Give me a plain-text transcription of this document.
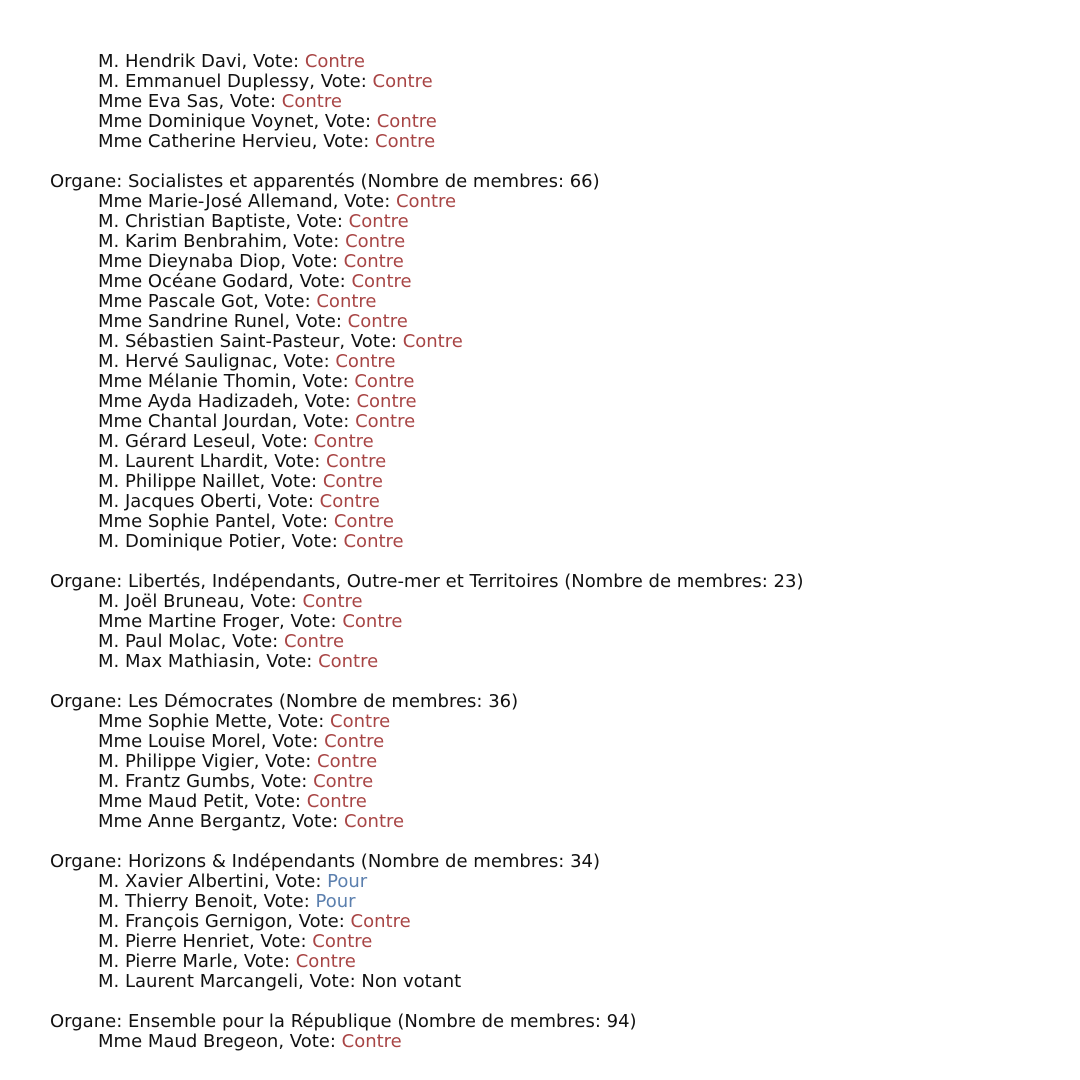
M. Hendrik Davi, Vote: Contre
M. Emmanuel Duplessy, Vote: Contre
Mme Eva Sas, Vote: Contre
Mme Dominique Voynet, Vote: Contre
Mme Catherine Hervieu, Vote: Contre
Organe: Socialistes et apparentés (Nombre de membres: 66)
Mme Marie-José Allemand, Vote: Contre
M. Christian Baptiste, Vote: Contre
M. Karim Benbrahim, Vote: Contre
Mme Dieynaba Diop, Vote: Contre
Mme Océane Godard, Vote: Contre
Mme Pascale Got, Vote: Contre
Mme Sandrine Runel, Vote: Contre
M. Sébastien Saint-Pasteur, Vote: Contre
M. Hervé Saulignac, Vote: Contre
Mme Mélanie Thomin, Vote: Contre
Mme Ayda Hadizadeh, Vote: Contre
Mme Chantal Jourdan, Vote: Contre
M. Gérard Leseul, Vote: Contre
M. Laurent Lhardit, Vote: Contre
M. Philippe Naillet, Vote: Contre
M. Jacques Oberti, Vote: Contre
Mme Sophie Pantel, Vote: Contre
M. Dominique Potier, Vote: Contre
Organe: Libertés, Indépendants, Outre-mer et Territoires (Nombre de membres: 23)
M. Joël Bruneau, Vote: Contre
Mme Martine Froger, Vote: Contre
M. Paul Molac, Vote: Contre
M. Max Mathiasin, Vote: Contre
Organe: Les Démocrates (Nombre de membres: 36)
Mme Sophie Mette, Vote: Contre
Mme Louise Morel, Vote: Contre
M. Philippe Vigier, Vote: Contre
M. Frantz Gumbs, Vote: Contre
Mme Maud Petit, Vote: Contre
Mme Anne Bergantz, Vote: Contre
Organe: Horizons & Indépendants (Nombre de membres: 34)
M. Xavier Albertini, Vote: Pour
M. Thierry Benoit, Vote: Pour
M. François Gernigon, Vote: Contre
M. Pierre Henriet, Vote: Contre
M. Pierre Marle, Vote: Contre
M. Laurent Marcangeli, Vote: Non votant
Organe: Ensemble pour la République (Nombre de membres: 94)
Mme Maud Bregeon, Vote: Contre
